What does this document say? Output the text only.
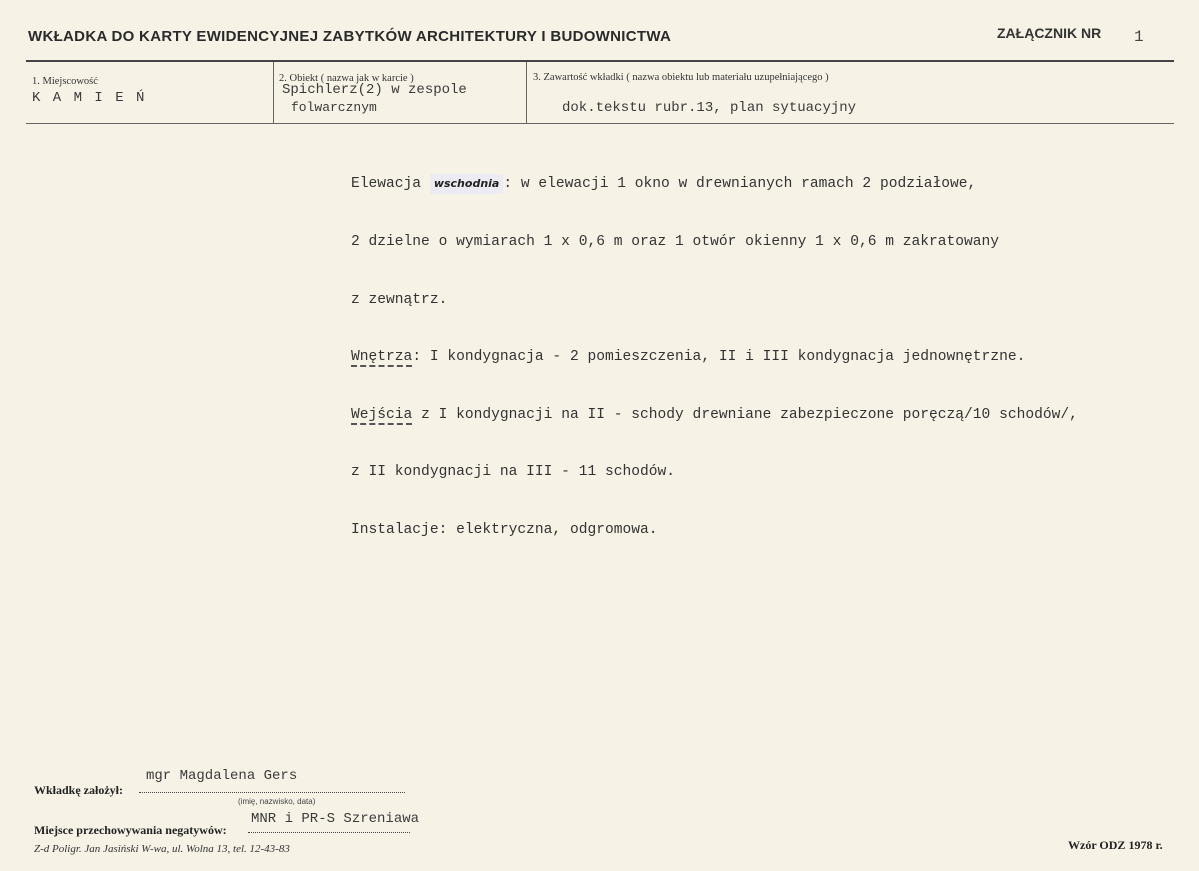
WKŁADKA DO KARTY EWIDENCYJNEJ ZABYTKÓW ARCHITEKTURY I BUDOWNICTWA	ZAŁĄCZNIK NR 1
1. Miejscowość
K A M I E Ń
2. Obiekt ( nazwa jak w karcie )
Spichlerz(2) w zespole
folwarcznym
3. Zawartość wkładki ( nazwa obiektu lub materiału uzupełniającego )
dok.tekstu rubr.13, plan sytuacyjny

Elewacja wschodnia : w elewacji 1 okno w drewnianych ramach 2 podziałowe,

2 dzielne o wymiarach 1 x 0,6 m oraz 1 otwór okienny 1 x 0,6 m zakratowany

z zewnątrz.

Wnętrza: I kondygnacja - 2 pomieszczenia, II i III kondygnacja jednownętrzne.

Wejścia z I kondygnacji na II - schody drewniane zabezpieczone poręczą/10 schodów/,

z II kondygnacji na III - 11 schodów.

Instalacje: elektryczna, odgromowa.

Wkładkę założył:
mgr Magdalena Gers
(imię, nazwisko, data)
Miejsce przechowywania negatywów:
MNR i PR-S Szreniawa
Z-d Poligr. Jan Jasiński W-wa, ul. Wolna 13, tel. 12-43-83	Wzór ODZ 1978 r.
